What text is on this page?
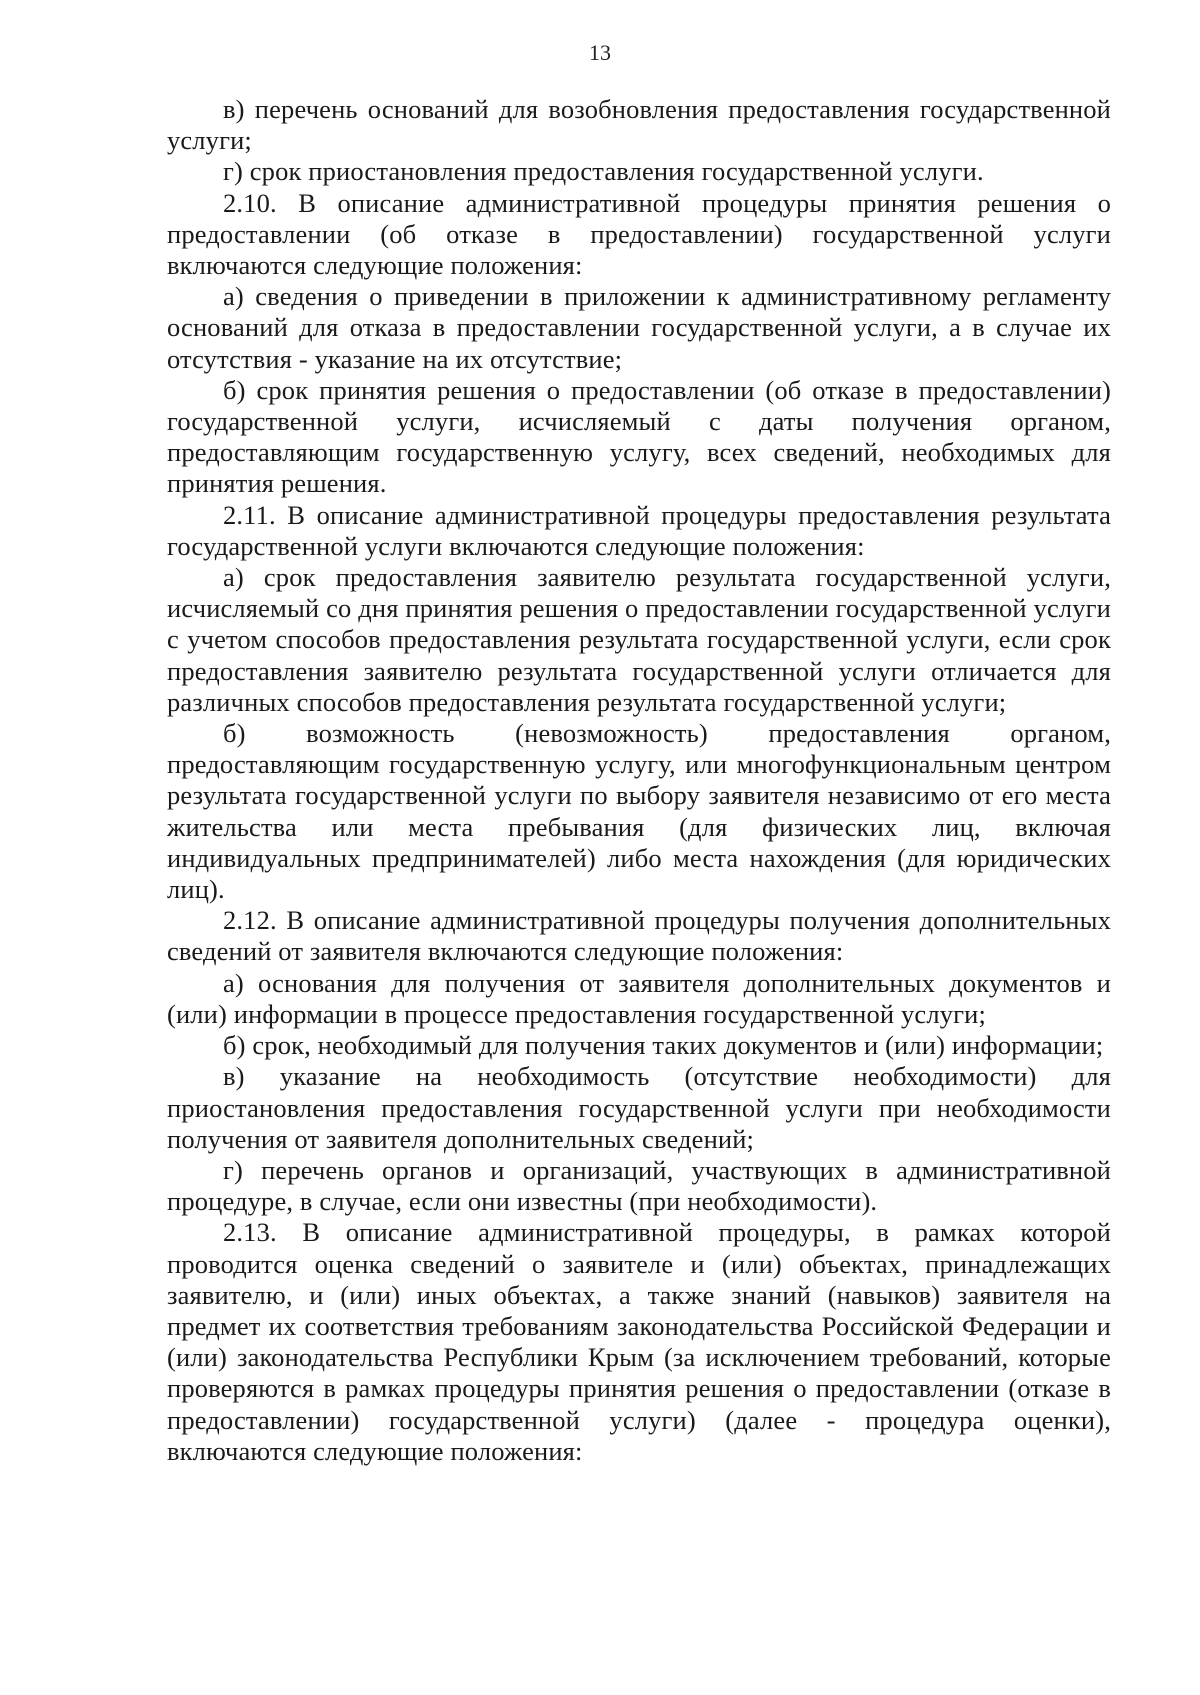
13

в) перечень оснований для возобновления предоставления государственной услуги;

г) срок приостановления предоставления государственной услуги.

2.10. В описание административной процедуры принятия решения о предоставлении (об отказе в предоставлении) государственной услуги включаются следующие положения:

а) сведения о приведении в приложении к административному регламенту оснований для отказа в предоставлении государственной услуги, а в случае их отсутствия - указание на их отсутствие;

б) срок принятия решения о предоставлении (об отказе в предоставлении) государственной услуги, исчисляемый с даты получения органом, предоставляющим государственную услугу, всех сведений, необходимых для принятия решения.

2.11. В описание административной процедуры предоставления результата государственной услуги включаются следующие положения:

а) срок предоставления заявителю результата государственной услуги, исчисляемый со дня принятия решения о предоставлении государственной услуги с учетом способов предоставления результата государственной услуги, если срок предоставления заявителю результата государственной услуги отличается для различных способов предоставления результата государственной услуги;

б) возможность (невозможность) предоставления органом, предоставляющим государственную услугу, или многофункциональным центром результата государственной услуги по выбору заявителя независимо от его места жительства или места пребывания (для физических лиц, включая индивидуальных предпринимателей) либо места нахождения (для юридических лиц).

2.12. В описание административной процедуры получения дополнительных сведений от заявителя включаются следующие положения:

а) основания для получения от заявителя дополнительных документов и (или) информации в процессе предоставления государственной услуги;

б) срок, необходимый для получения таких документов и (или) информации;

в) указание на необходимость (отсутствие необходимости) для приостановления предоставления государственной услуги при необходимости получения от заявителя дополнительных сведений;

г) перечень органов и организаций, участвующих в административной процедуре, в случае, если они известны (при необходимости).

2.13. В описание административной процедуры, в рамках которой проводится оценка сведений о заявителе и (или) объектах, принадлежащих заявителю, и (или) иных объектах, а также знаний (навыков) заявителя на предмет их соответствия требованиям законодательства Российской Федерации и (или) законодательства Республики Крым (за исключением требований, которые проверяются в рамках процедуры принятия решения о предоставлении (отказе в предоставлении) государственной услуги) (далее - процедура оценки), включаются следующие положения:
